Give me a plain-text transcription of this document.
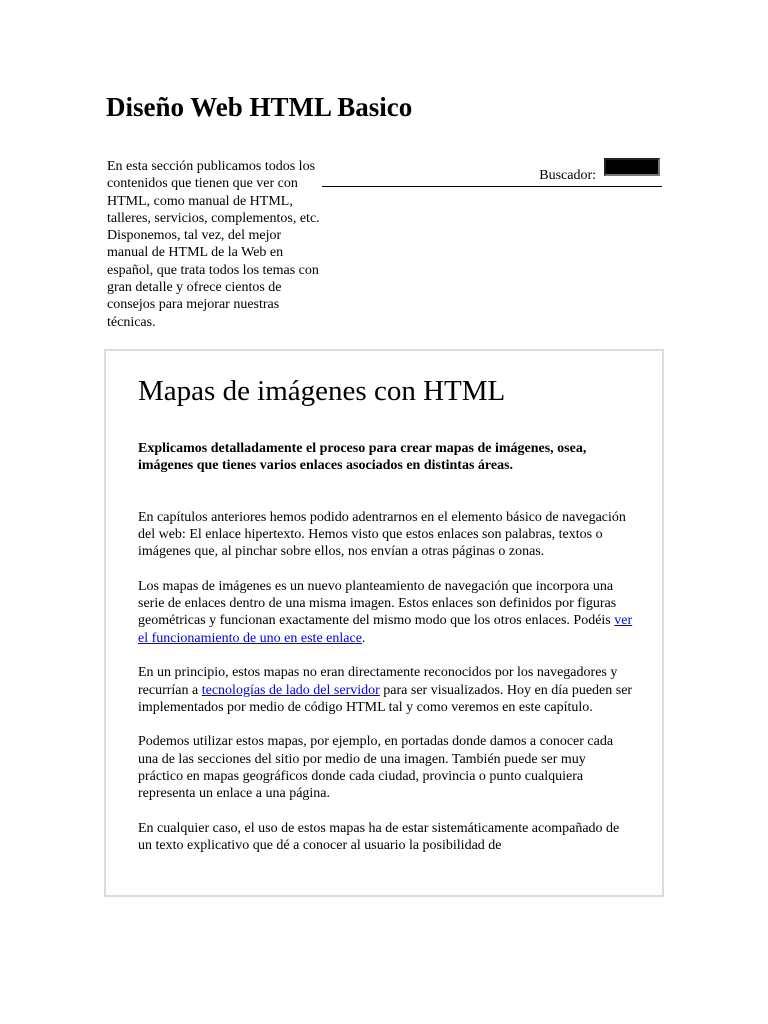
Diseño Web HTML Basico

En esta sección publicamos todos los contenidos que tienen que ver con HTML, como manual de HTML, talleres, servicios, complementos, etc. Disponemos, tal vez, del mejor manual de HTML de la Web en español, que trata todos los temas con gran detalle y ofrece cientos de consejos para mejorar nuestras técnicas.

Buscador:
Mapas de imágenes con HTML

Explicamos detalladamente el proceso para crear mapas de imágenes, osea, imágenes que tienes varios enlaces asociados en distintas áreas.

En capítulos anteriores hemos podido adentrarnos en el elemento básico de navegación del web: El enlace hipertexto. Hemos visto que estos enlaces son palabras, textos o imágenes que, al pinchar sobre ellos, nos envían a otras páginas o zonas.

Los mapas de imágenes es un nuevo planteamiento de navegación que incorpora una serie de enlaces dentro de una misma imagen. Estos enlaces son definidos por figuras geométricas y funcionan exactamente del mismo modo que los otros enlaces. Podéis ver el funcionamiento de uno en este enlace.

En un principio, estos mapas no eran directamente reconocidos por los navegadores y recurrían a tecnologías de lado del servidor para ser visualizados. Hoy en día pueden ser implementados por medio de código HTML tal y como veremos en este capítulo.

Podemos utilizar estos mapas, por ejemplo, en portadas donde damos a conocer cada una de las secciones del sitio por medio de una imagen. También puede ser muy práctico en mapas geográficos donde cada ciudad, provincia o punto cualquiera representa un enlace a una página.

En cualquier caso, el uso de estos mapas ha de estar sistemáticamente acompañado de un texto explicativo que dé a conocer al usuario la posibilidad de
